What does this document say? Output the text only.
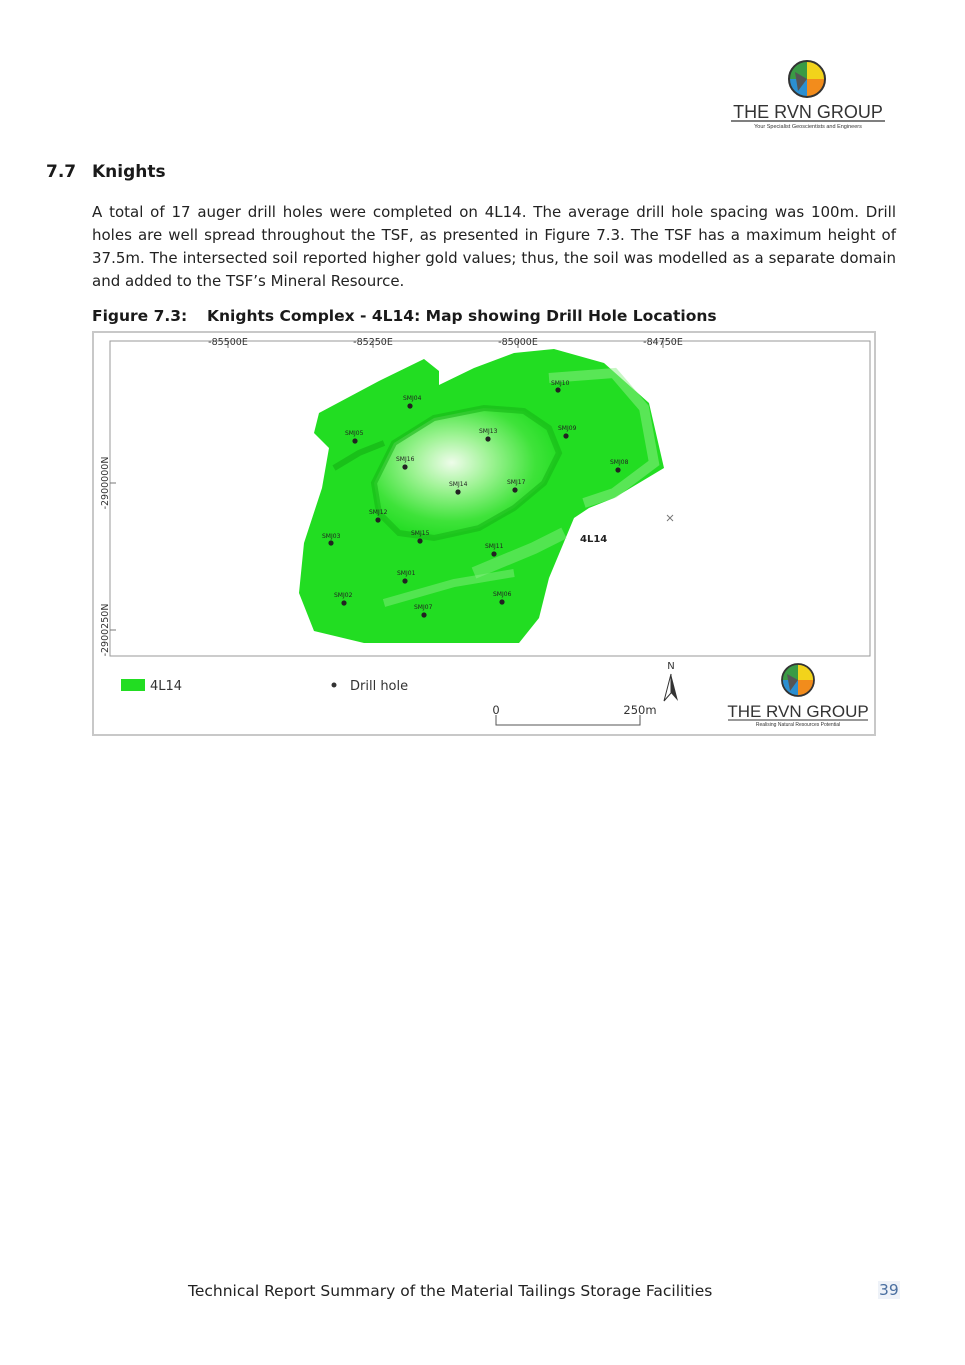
THE RVN GROUP
Your Specialist Geoscientists and Engineers
7.7 Knights

A total of 17 auger drill holes were completed on 4L14. The average drill hole spacing was 100m. Drill holes are well spread throughout the TSF, as presented in Figure 7.3. The TSF has a maximum height of 37.5m. The intersected soil reported higher gold values; thus, the soil was modelled as a separate domain and added to the TSF’s Mineral Resource.

Figure 7.3: Knights Complex - 4L14: Map showing Drill Hole Locations
-85500E	-85250E	-85000E	-84750E
-2900000N
-2900250N
SMJ04
SMJ10
SMJ05	SMJ13	SMJ09
SMJ16	SMJ08
SMJ14	SMJ17
SMJ12
SMJ03	SMJ15
SMJ11
SMJ01
SMJ02	SMJ06
SMJ07
4L14
4L14	Drill hole
0	250m
N
THE RVN GROUP
Realising Natural Resources Potential
Technical Report Summary of the Material Tailings Storage Facilities	39
